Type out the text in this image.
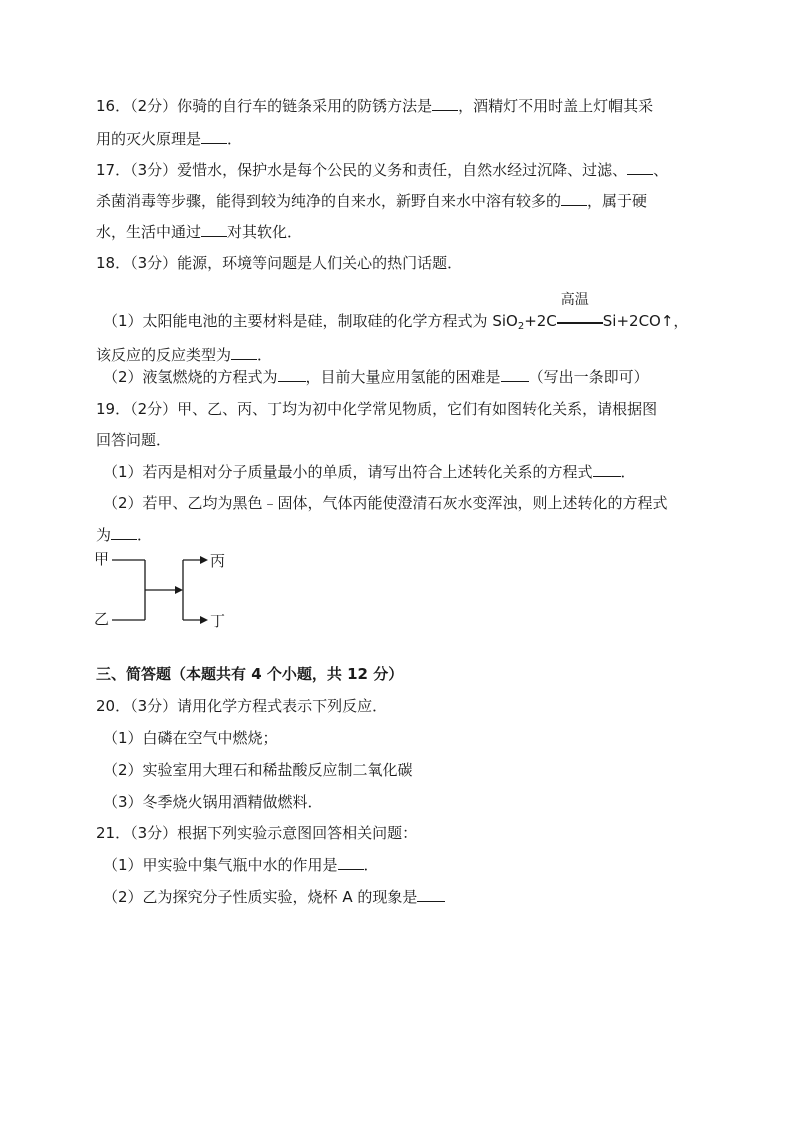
16．（2分）你骑的自行车的链条采用的防锈方法是 ，酒精灯不用时盖上灯帽其采
用的灭火原理是 ．
17．（3分）爱惜水，保护水是每个公民的义务和责任，自然水经过沉降、过滤、 、
杀菌消毒等步骤，能得到较为纯净的自来水，新野自来水中溶有较多的 ，属于硬
水，生活中通过 对其软化．
18．（3分）能源，环境等问题是人们关心的热门话题．
（1）太阳能电池的主要材料是硅，制取硅的化学方程式为 SiO$_2$+2C
高温
Si+2CO↑，
该反应的反应类型为 ．
（2）液氢燃烧的方程式为 ，目前大量应用氢能的困难是 （写出一条即可）
19．（2分）甲、乙、丙、丁均为初中化学常见物质，它们有如图转化关系，请根据图
回答问题．
（1）若丙是相对分子质量最小的单质，请写出符合上述转化关系的方程式 ．
（2）若甲、乙均为黑色﹣固体，气体丙能使澄清石灰水变浑浊，则上述转化的方程式
为 ．
甲
乙
丙
丁
三、简答题（本题共有 4 个小题，共 12 分）
20．（3分）请用化学方程式表示下列反应．
（1）白磷在空气中燃烧；
（2）实验室用大理石和稀盐酸反应制二氧化碳
（3）冬季烧火锅用酒精做燃料．
21．（3分）根据下列实验示意图回答相关问题：
（1）甲实验中集气瓶中水的作用是 ．
（2）乙为探究分子性质实验，烧杯 A 的现象是
